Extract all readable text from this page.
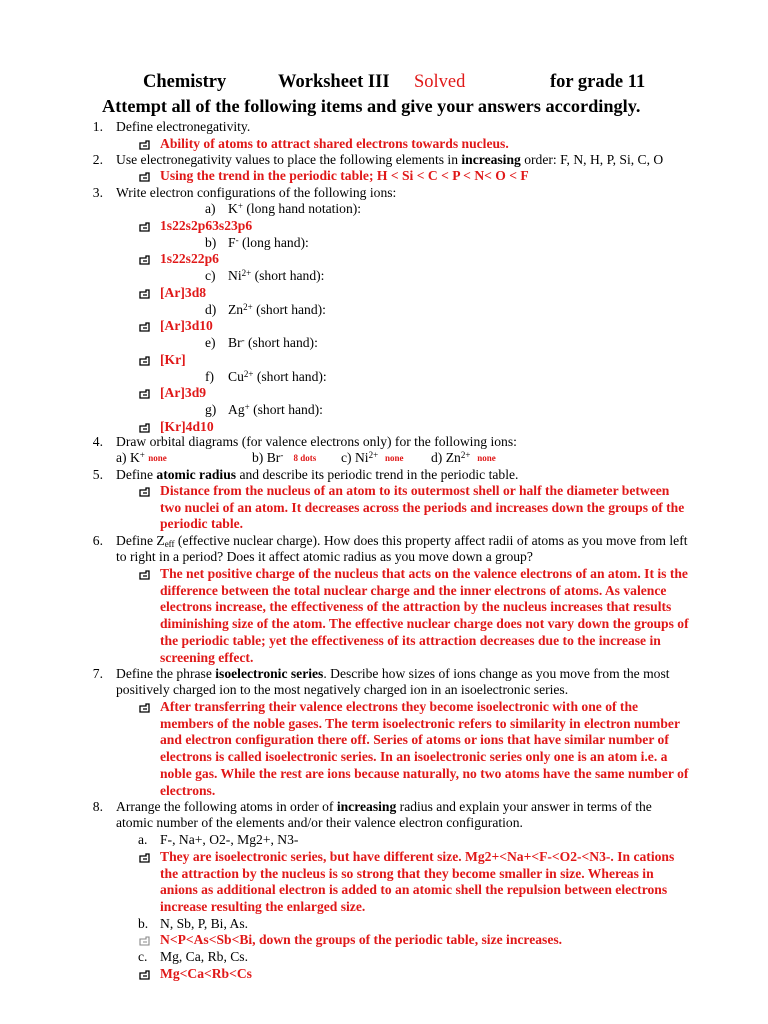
Chemistry	Worksheet III Solved	for grade 11
Attempt all of the following items and give your answers accordingly.
1. Define electronegativity.
Ability of atoms to attract shared electrons towards nucleus.
2. Use electronegativity values to place the following elements in increasing order: F, N, H, P, Si, C, O
Using the trend in the periodic table; H < Si < C < P < N< O < F
3. Write electron configurations of the following ions:
a) K+ (long hand notation):
1s22s2p63s23p6
b) F- (long hand):
1s22s22p6
c) $Ni^{2+}$ (short hand):
[Ar]3d8
d) $Zn^{2+}$ (short hand):
[Ar]3d10
e) Br- (short hand):
[Kr]
f) $Cu^{2+}$ (short hand):
[Ar]3d9
g) Ag+ (short hand):
[Kr]4d10
4. Draw orbital diagrams (for valence electrons only) for the following ions:
a) K+ none	b) Br- 8 dots c) $Ni^{2+}$ none d) $Zn^{2+}$ none
5. Define atomic radius and describe its periodic trend in the periodic table.
Distance from the nucleus of an atom to its outermost shell or half the diameter between
two nuclei of an atom. It decreases across the periods and increases down the groups of the
periodic table.
6. Define Zeff (effective nuclear charge). How does this property affect radii of atoms as you move from left
to right in a period? Does it affect atomic radius as you move down a group?
The net positive charge of the nucleus that acts on the valence electrons of an atom. It is the
difference between the total nuclear charge and the inner electrons of atoms. As valence
electrons increase, the effectiveness of the attraction by the nucleus increases that results
diminishing size of the atom. The effective nuclear charge does not vary down the groups of
the periodic table; yet the effectiveness of its attraction decreases due to the increase in
screening effect.
7. Define the phrase isoelectronic series. Describe how sizes of ions change as you move from the most
positively charged ion to the most negatively charged ion in an isoelectronic series.
After transferring their valence electrons they become isoelectronic with one of the
members of the noble gases. The term isoelectronic refers to similarity in electron number
and electron configuration there off. Series of atoms or ions that have similar number of
electrons is called isoelectronic series. In an isoelectronic series only one is an atom i.e. a
noble gas. While the rest are ions because naturally, no two atoms have the same number of
electrons.
8. Arrange the following atoms in order of increasing radius and explain your answer in terms of the
atomic number of the elements and/or their valence electron configuration.
a. F-, Na+, O2-, Mg2+, N3-
They are isoelectronic series, but have different size. Mg2+<Na+<F-<O2-<N3-. In cations
the attraction by the nucleus is so strong that they become smaller in size. Whereas in
anions as additional electron is added to an atomic shell the repulsion between electrons
increase resulting the enlarged size.
b. N, Sb, P, Bi, As.
N<P<As<Sb<Bi, down the groups of the periodic table, size increases.
c. Mg, Ca, Rb, Cs.
Mg<Ca<Rb<Cs
